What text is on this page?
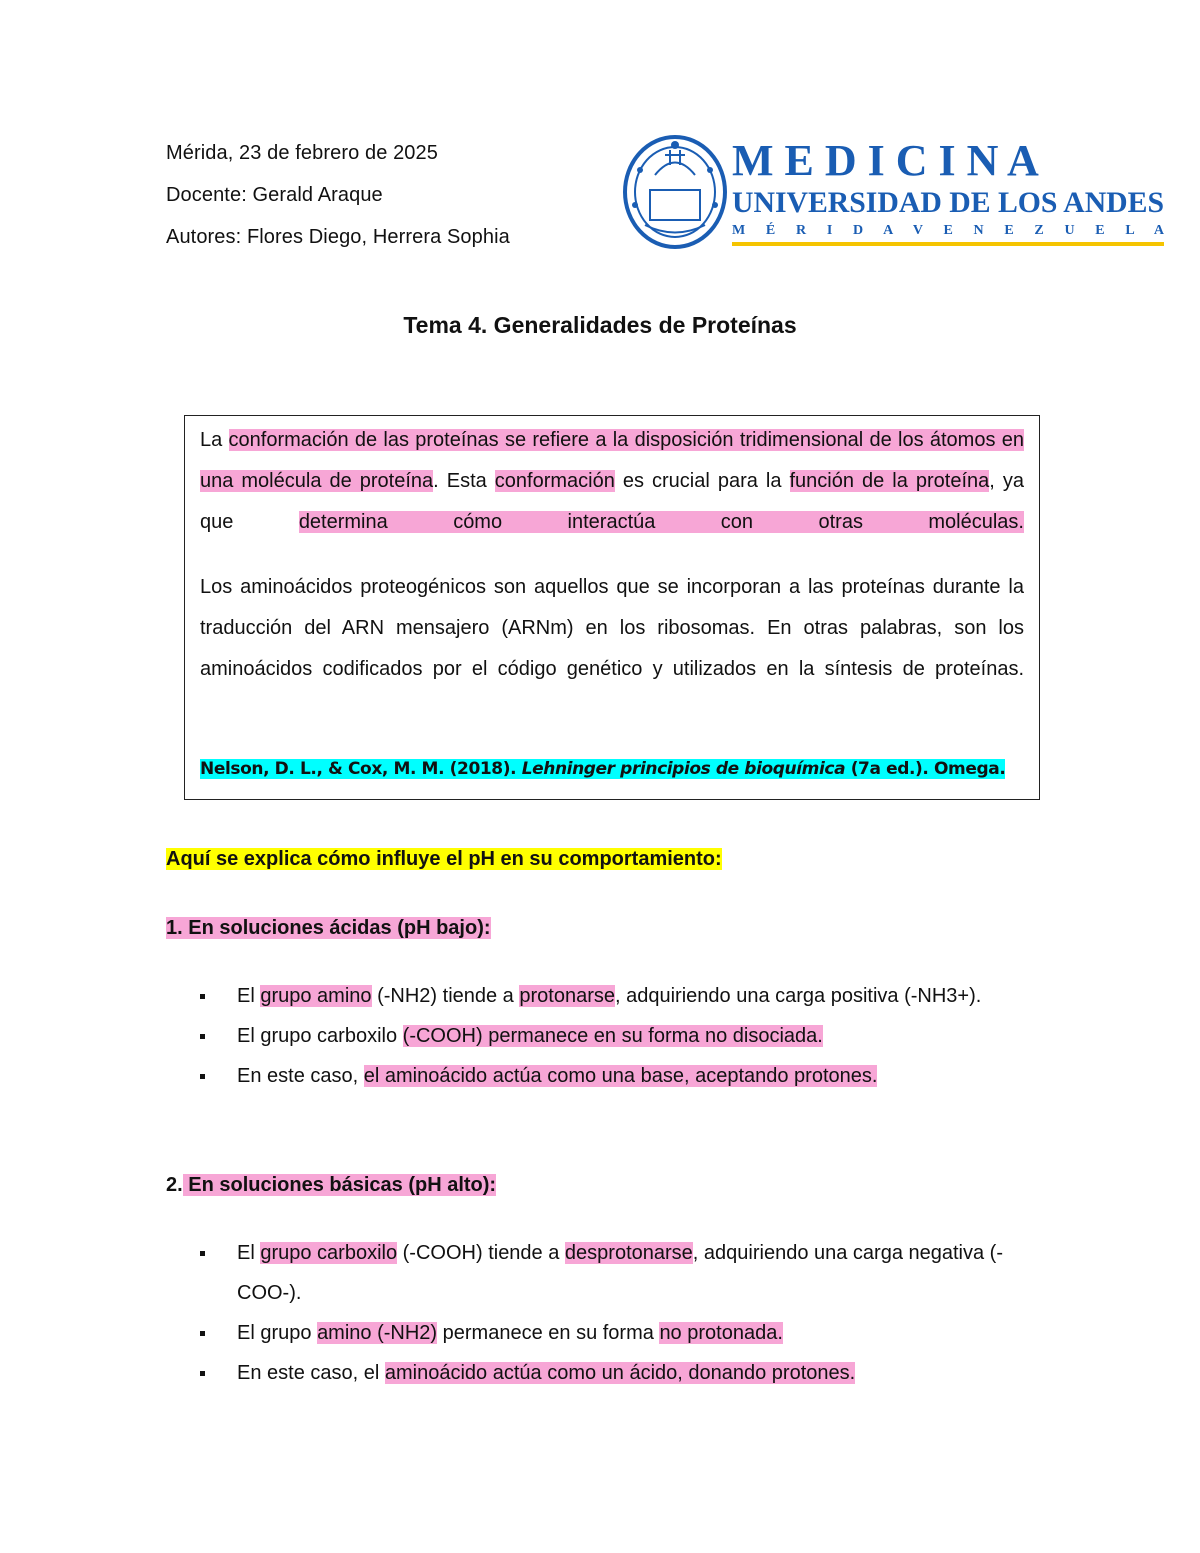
Mérida, 23 de febrero de 2025
Docente: Gerald Araque
Autores: Flores Diego, Herrera Sophia
M E D I C I N A
UNIVERSIDAD DE LOS ANDES
M É R I D A V E N E Z U E L A
Tema 4. Generalidades de Proteínas
La conformación de las proteínas se refiere a la disposición tridimensional de los átomos en una molécula de proteína. Esta conformación es crucial para la función de la proteína, ya que determina cómo interactúa con otras moléculas.
Los aminoácidos proteogénicos son aquellos que se incorporan a las proteínas durante la traducción del ARN mensajero (ARNm) en los ribosomas. En otras palabras, son los aminoácidos codificados por el código genético y utilizados en la síntesis de proteínas.
Nelson, D. L., & Cox, M. M. (2018). Lehninger principios de bioquímica (7a ed.). Omega.
Aquí se explica cómo influye el pH en su comportamiento:
1. En soluciones ácidas (pH bajo):
El grupo amino (-NH2) tiende a protonarse, adquiriendo una carga positiva (-NH3+).
El grupo carboxilo (-COOH) permanece en su forma no disociada.
En este caso, el aminoácido actúa como una base, aceptando protones.
2. En soluciones básicas (pH alto):
El grupo carboxilo (-COOH) tiende a desprotonarse, adquiriendo una carga negativa (-COO-).
El grupo amino (-NH2) permanece en su forma no protonada.
En este caso, el aminoácido actúa como un ácido, donando protones.
